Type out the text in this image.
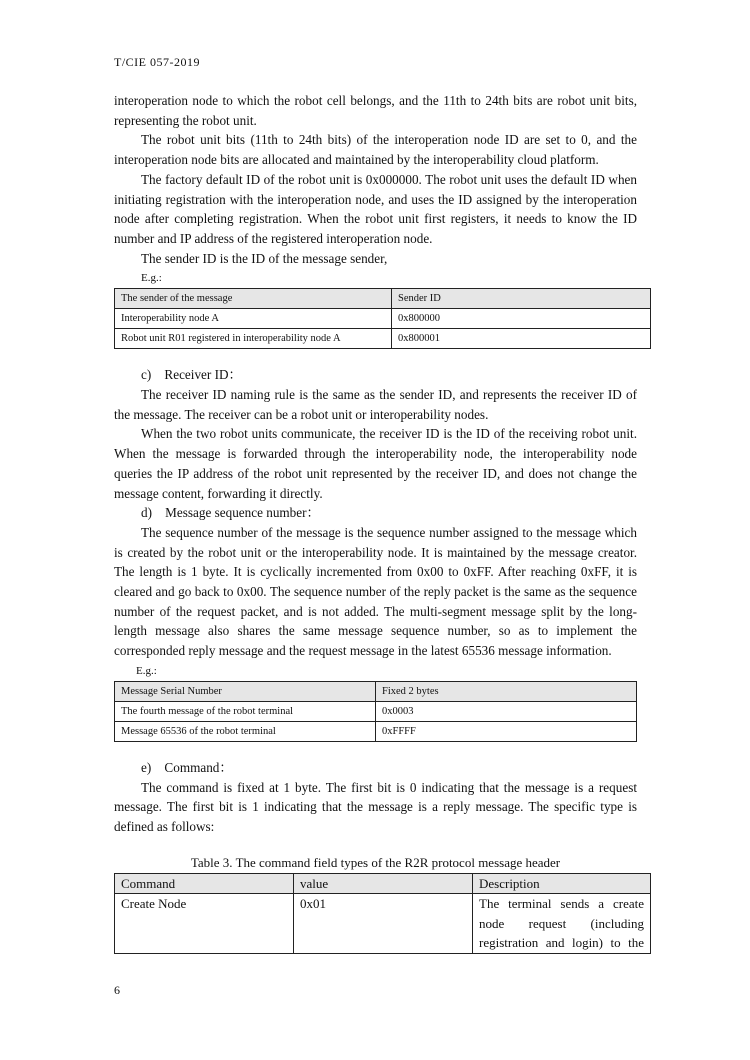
T/CIE 057-2019

interoperation node to which the robot cell belongs, and the 11th to 24th bits are robot unit bits, representing the robot unit.

The robot unit bits (11th to 24th bits) of the interoperation node ID are set to 0, and the interoperation node bits are allocated and maintained by the interoperability cloud platform.

The factory default ID of the robot unit is 0x000000. The robot unit uses the default ID when initiating registration with the interoperation node, and uses the ID assigned by the interoperation node after completing registration. When the robot unit first registers, it needs to know the ID number and IP address of the registered interoperation node.

The sender ID is the ID of the message sender,

E.g.:
The sender of the message	Sender ID
Interoperability node A	0x800000
Robot unit R01 registered in interoperability node A	0x800001
c) Receiver ID：

The receiver ID naming rule is the same as the sender ID, and represents the receiver ID of the message. The receiver can be a robot unit or interoperability nodes.

When the two robot units communicate, the receiver ID is the ID of the receiving robot unit. When the message is forwarded through the interoperability node, the interoperability node queries the IP address of the robot unit represented by the receiver ID, and does not change the message content, forwarding it directly.

d) Message sequence number：

The sequence number of the message is the sequence number assigned to the message which is created by the robot unit or the interoperability node. It is maintained by the message creator. The length is 1 byte. It is cyclically incremented from 0x00 to 0xFF. After reaching 0xFF, it is cleared and go back to 0x00. The sequence number of the reply packet is the same as the sequence number of the request packet, and is not added. The multi-segment message split by the long-length message also shares the same message sequence number, so as to implement the corresponded reply message and the request message in the latest 65536 message information.

E.g.:
Message Serial Number	Fixed 2 bytes
The fourth message of the robot terminal	0x0003
Message 65536 of the robot terminal	0xFFFF
e) Command：

The command is fixed at 1 byte. The first bit is 0 indicating that the message is a request message. The first bit is 1 indicating that the message is a reply message. The specific type is defined as follows:

Table 3. The command field types of the R2R protocol message header
Command	value	Description
Create Node	0x01	The terminal sends a create
node request (including
registration and login) to the
6
